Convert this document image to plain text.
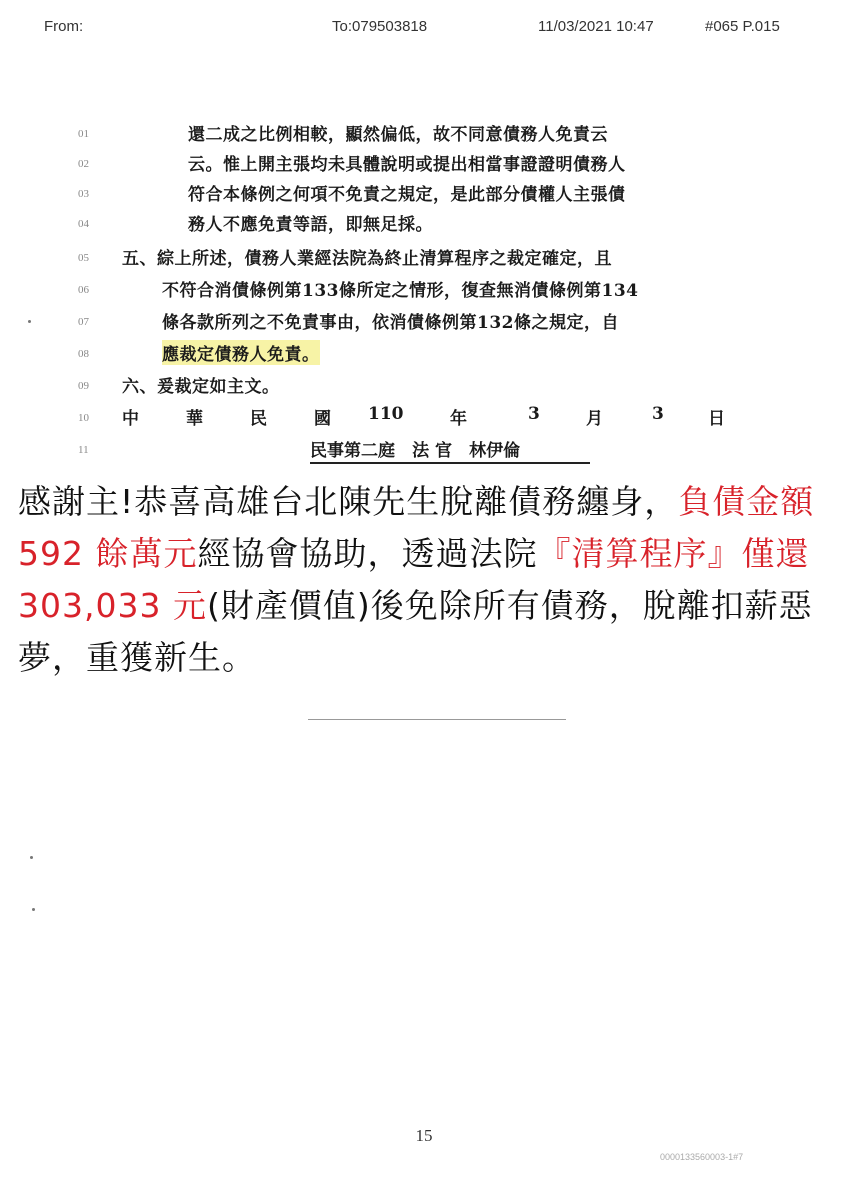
From:	To:079503818	11/03/2021 10:47	#065 P.015
01	還二成之比例相較，顯然偏低，故不同意債務人免責云
02	云。惟上開主張均未具體說明或提出相當事證證明債務人
03	符合本條例之何項不免責之規定，是此部分債權人主張債
04	務人不應免責等語，即無足採。
05	五、綜上所述，債務人業經法院為終止清算程序之裁定確定，且
06	不符合消債條例第133條所定之情形，復查無消債條例第134
07	條各款所列之不免責事由，依消債條例第132條之規定，自
08	應裁定債務人免責。
09	六、爰裁定如主文。
10	中	華	民	國 110	年	3	月	3	日
11	民事第二庭 法 官 林伊倫

感謝主!恭喜高雄台北陳先生脫離債務纏身，負債金額 592 餘萬元經協會協助，透過法院『清算程序』僅還 303,033 元(財產價值)後免除所有債務，脫離扣薪惡夢，重獲新生。

15
0000133560003-1#7
